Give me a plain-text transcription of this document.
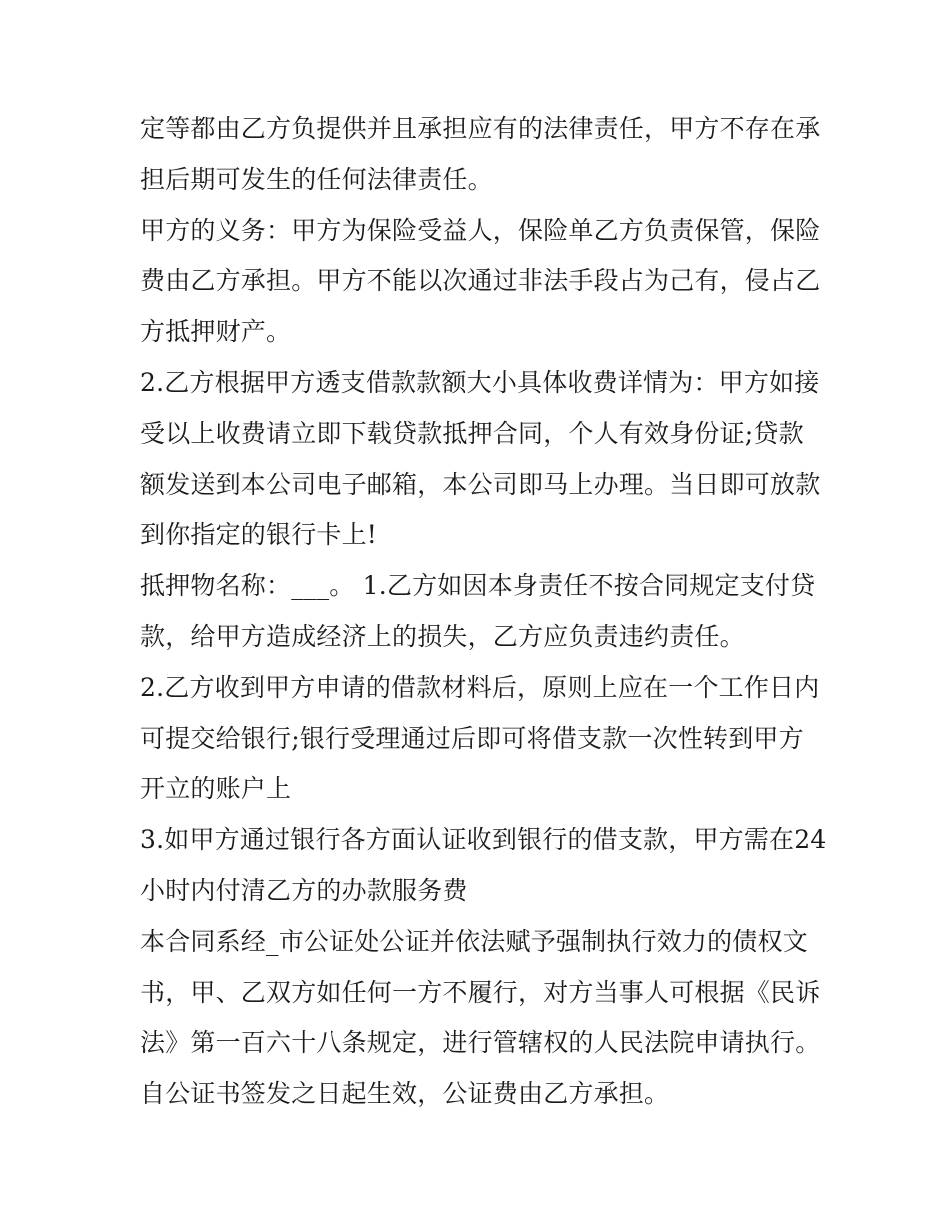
定等都由乙方负提供并且承担应有的法律责任，甲方不存在承
担后期可发生的任何法律责任。
甲方的义务：甲方为保险受益人，保险单乙方负责保管，保险
费由乙方承担。甲方不能以次通过非法手段占为己有，侵占乙
方抵押财产。
2.乙方根据甲方透支借款款额大小具体收费详情为：甲方如接
受以上收费请立即下载贷款抵押合同，个人有效身份证;贷款
额发送到本公司电子邮箱，本公司即马上办理。当日即可放款
到你指定的银行卡上!
抵押物名称：___。 1.乙方如因本身责任不按合同规定支付贷
款，给甲方造成经济上的损失，乙方应负责违约责任。
2.乙方收到甲方申请的借款材料后，原则上应在一个工作日内
可提交给银行;银行受理通过后即可将借支款一次性转到甲方
开立的账户上
3.如甲方通过银行各方面认证收到银行的借支款，甲方需在24
小时内付清乙方的办款服务费
本合同系经_市公证处公证并依法赋予强制执行效力的债权文
书，甲、乙双方如任何一方不履行，对方当事人可根据《民诉
法》第一百六十八条规定，进行管辖权的人民法院申请执行。
自公证书签发之日起生效，公证费由乙方承担。
